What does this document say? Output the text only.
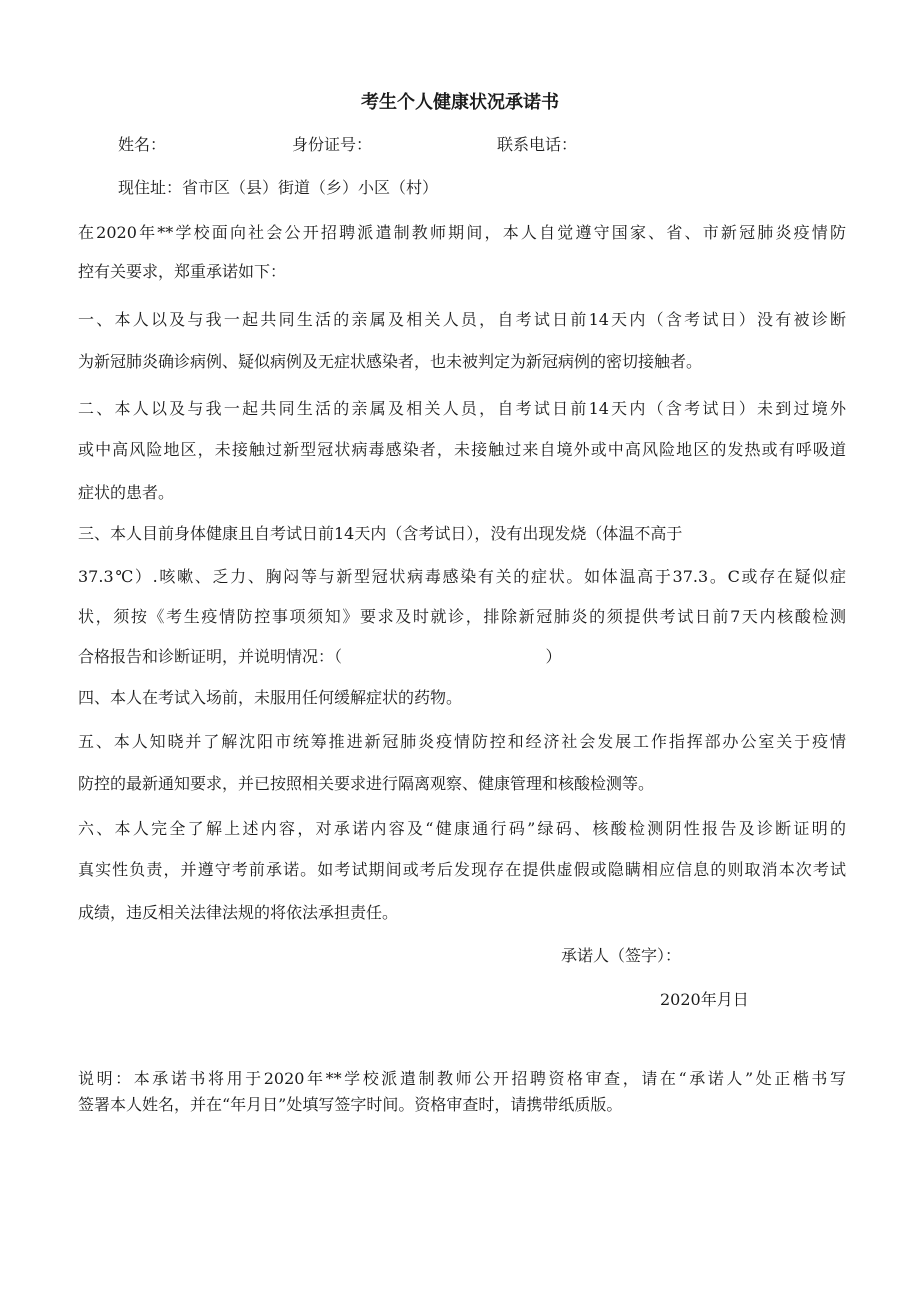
考生个人健康状况承诺书
姓名：	身份证号：	联系电话：

现住址：省市区（县）街道（乡）小区（村）

在2020年**学校面向社会公开招聘派遣制教师期间，本人自觉遵守国家、省、市新冠肺炎疫情防

控有关要求，郑重承诺如下：

一、本人以及与我一起共同生活的亲属及相关人员，自考试日前14天内（含考试日）没有被诊断

为新冠肺炎确诊病例、疑似病例及无症状感染者，也未被判定为新冠病例的密切接触者。

二、本人以及与我一起共同生活的亲属及相关人员，自考试日前14天内（含考试日）未到过境外

或中高风险地区，未接触过新型冠状病毒感染者，未接触过来自境外或中高风险地区的发热或有呼吸道

症状的患者。

三、本人目前身体健康且自考试日前14天内（含考试日），没有出现发烧（体温不高于

37.3℃）.咳嗽、乏力、胸闷等与新型冠状病毒感染有关的症状。如体温高于37.3。C或存在疑似症

状，须按《考生疫情防控事项须知》要求及时就诊，排除新冠肺炎的须提供考试日前7天内核酸检测

合格报告和诊断证明，并说明情况：（                                        ）

四、本人在考试入场前，未服用任何缓解症状的药物。

五、本人知晓并了解沈阳市统筹推进新冠肺炎疫情防控和经济社会发展工作指挥部办公室关于疫情

防控的最新通知要求，并已按照相关要求进行隔离观察、健康管理和核酸检测等。

六、本人完全了解上述内容，对承诺内容及“健康通行码”绿码、核酸检测阴性报告及诊断证明的

真实性负责，并遵守考前承诺。如考试期间或考后发现存在提供虚假或隐瞒相应信息的则取消本次考试

成绩，违反相关法律法规的将依法承担责任。

承诺人（签字）：

2020年月日

说明：本承诺书将用于2020年**学校派遣制教师公开招聘资格审查，请在“承诺人”处正楷书写

签署本人姓名，并在“年月日”处填写签字时间。资格审查时，请携带纸质版。
